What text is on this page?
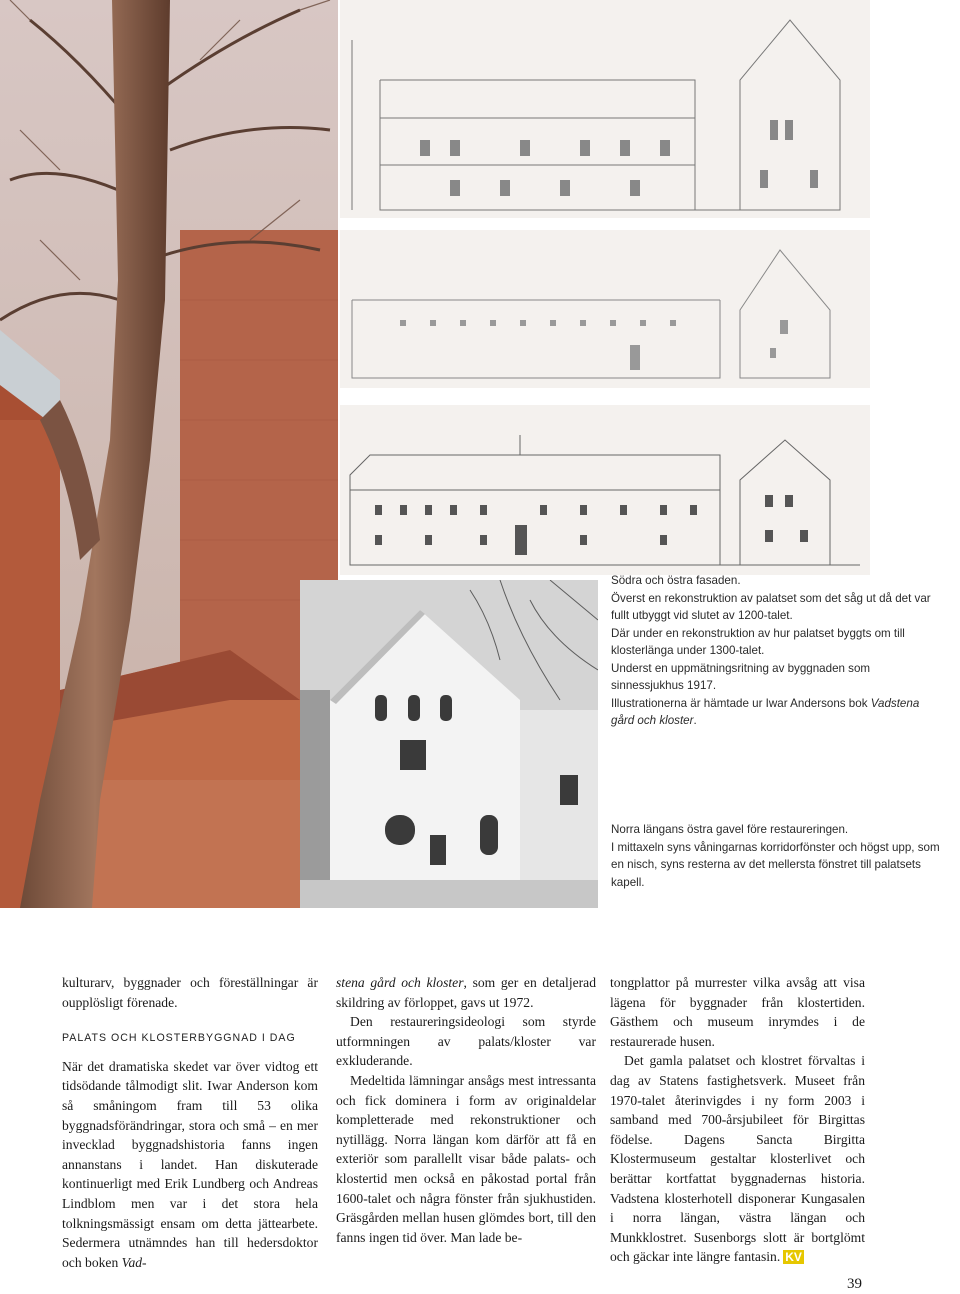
Södra och östra fasaden.

Överst en rekonstruktion av palatset som det såg ut då det var fullt utbyggt vid slutet av 1200-talet.

Där under en rekonstruktion av hur palatset byggts om till klosterlänga under 1300-talet.

Underst en uppmätningsritning av byggnaden som sinnessjukhus 1917.

Illustrationerna är hämtade ur Iwar Andersons bok Vadstena gård och kloster.

Norra längans östra gavel före restaureringen.

I mittaxeln syns våningarnas korridorfönster och högst upp, som en nisch, syns resterna av det mellersta fönstret till palatsets kapell.

kulturarv, byggnader och föreställningar är oupplösligt förenade.

PALATS OCH KLOSTERBYGGNAD I DAG

När det dramatiska skedet var över vidtog ett tidsödande tålmodigt slit. Iwar Anderson kom så småningom fram till 53 olika byggnadsförändringar, stora och små – en mer invecklad byggnadshistoria fanns ingen annanstans i landet. Han diskuterade kontinuerligt med Erik Lundberg och Andreas Lindblom men var i det stora hela tolkningsmässigt ensam om detta jättearbete. Sedermera utnämndes han till hedersdoktor och boken Vad-

stena gård och kloster, som ger en detaljerad skildring av förloppet, gavs ut 1972.

Den restaureringsideologi som styrde utformningen av palats/kloster var exkluderande.

Medeltida lämningar ansågs mest intressanta och fick dominera i form av originaldelar kompletterade med rekonstruktioner och nytillägg. Norra längan kom därför att få en exteriör som parallellt visar både palats- och klostertid men också en påkostad portal från 1600-talet och några fönster från sjukhustiden. Gräsgården mellan husen glömdes bort, till den fanns ingen tid över. Man lade be-

tongplattor på murrester vilka avsåg att visa lägena för byggnader från klostertiden. Gästhem och museum inrymdes i de restaurerade husen.

Det gamla palatset och klostret förvaltas i dag av Statens fastighetsverk. Museet från 1970-talet återinvigdes i ny form 2003 i samband med 700-årsjubileet för Birgittas födelse. Dagens Sancta Birgitta Klostermuseum gestaltar klosterlivet och berättar kortfattat byggnadernas historia. Vadstena klosterhotell disponerar Kungasalen i norra längan, västra längan och Munkklostret. Susenborgs slott är bortglömt och gäckar inte längre fantasin. KV

39
